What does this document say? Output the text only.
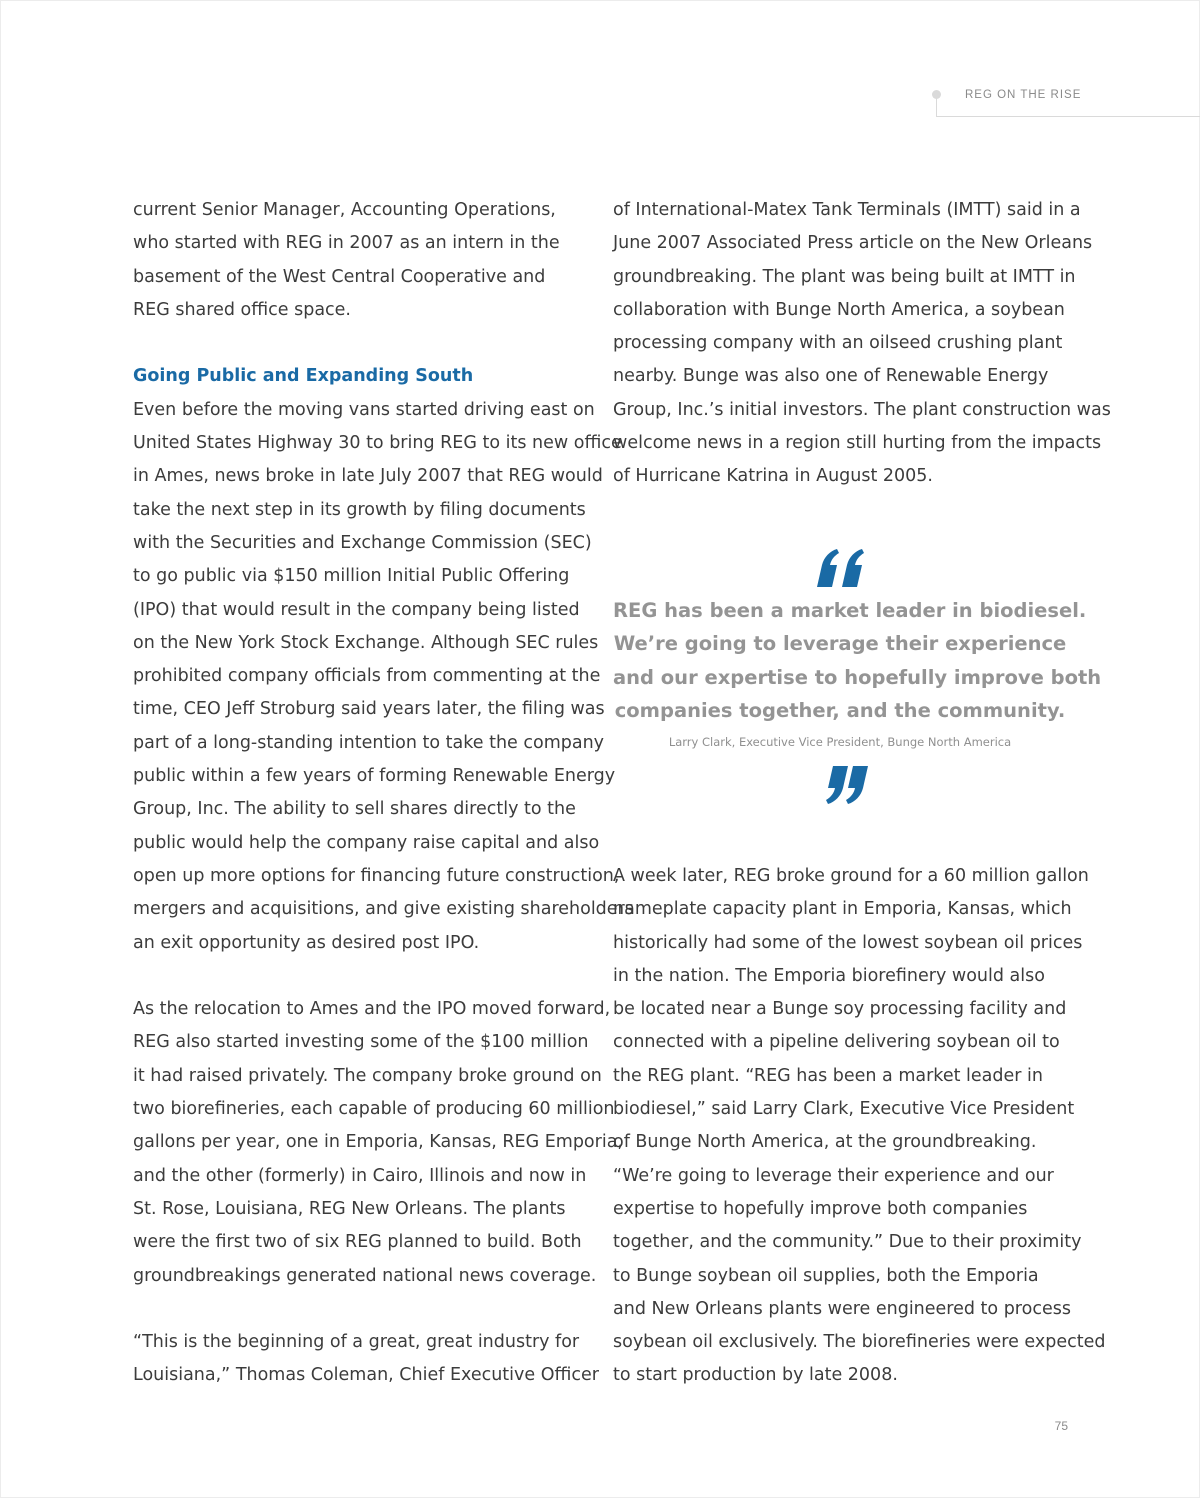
REG ON THE RISE
current Senior Manager, Accounting Operations,
who started with REG in 2007 as an intern in the
basement of the West Central Cooperative and
REG shared office space.
Going Public and Expanding South
Even before the moving vans started driving east on
United States Highway 30 to bring REG to its new office
in Ames, news broke in late July 2007 that REG would
take the next step in its growth by filing documents
with the Securities and Exchange Commission (SEC)
to go public via $150 million Initial Public Offering
(IPO) that would result in the company being listed
on the New York Stock Exchange. Although SEC rules
prohibited company officials from commenting at the
time, CEO Jeff Stroburg said years later, the filing was
part of a long-standing intention to take the company
public within a few years of forming Renewable Energy
Group, Inc. The ability to sell shares directly to the
public would help the company raise capital and also
open up more options for financing future construction,
mergers and acquisitions, and give existing shareholders
an exit opportunity as desired post IPO.
As the relocation to Ames and the IPO moved forward,
REG also started investing some of the $100 million
it had raised privately. The company broke ground on
two biorefineries, each capable of producing 60 million
gallons per year, one in Emporia, Kansas, REG Emporia,
and the other (formerly) in Cairo, Illinois and now in
St. Rose, Louisiana, REG New Orleans. The plants
were the first two of six REG planned to build. Both
groundbreakings generated national news coverage.
“This is the beginning of a great, great industry for
Louisiana,” Thomas Coleman, Chief Executive Officer
of International-Matex Tank Terminals (IMTT) said in a
June 2007 Associated Press article on the New Orleans
groundbreaking. The plant was being built at IMTT in
collaboration with Bunge North America, a soybean
processing company with an oilseed crushing plant
nearby. Bunge was also one of Renewable Energy
Group, Inc.’s initial investors. The plant construction was
welcome news in a region still hurting from the impacts
of Hurricane Katrina in August 2005.
REG has been a market leader in biodiesel.
We’re going to leverage their experience
and our expertise to hopefully improve both
companies together, and the community.
Larry Clark, Executive Vice President, Bunge North America
A week later, REG broke ground for a 60 million gallon
nameplate capacity plant in Emporia, Kansas, which
historically had some of the lowest soybean oil prices
in the nation. The Emporia biorefinery would also
be located near a Bunge soy processing facility and
connected with a pipeline delivering soybean oil to
the REG plant. “REG has been a market leader in
biodiesel,” said Larry Clark, Executive Vice President
of Bunge North America, at the groundbreaking.
“We’re going to leverage their experience and our
expertise to hopefully improve both companies
together, and the community.” Due to their proximity
to Bunge soybean oil supplies, both the Emporia
and New Orleans plants were engineered to process
soybean oil exclusively. The biorefineries were expected
to start production by late 2008.
75
